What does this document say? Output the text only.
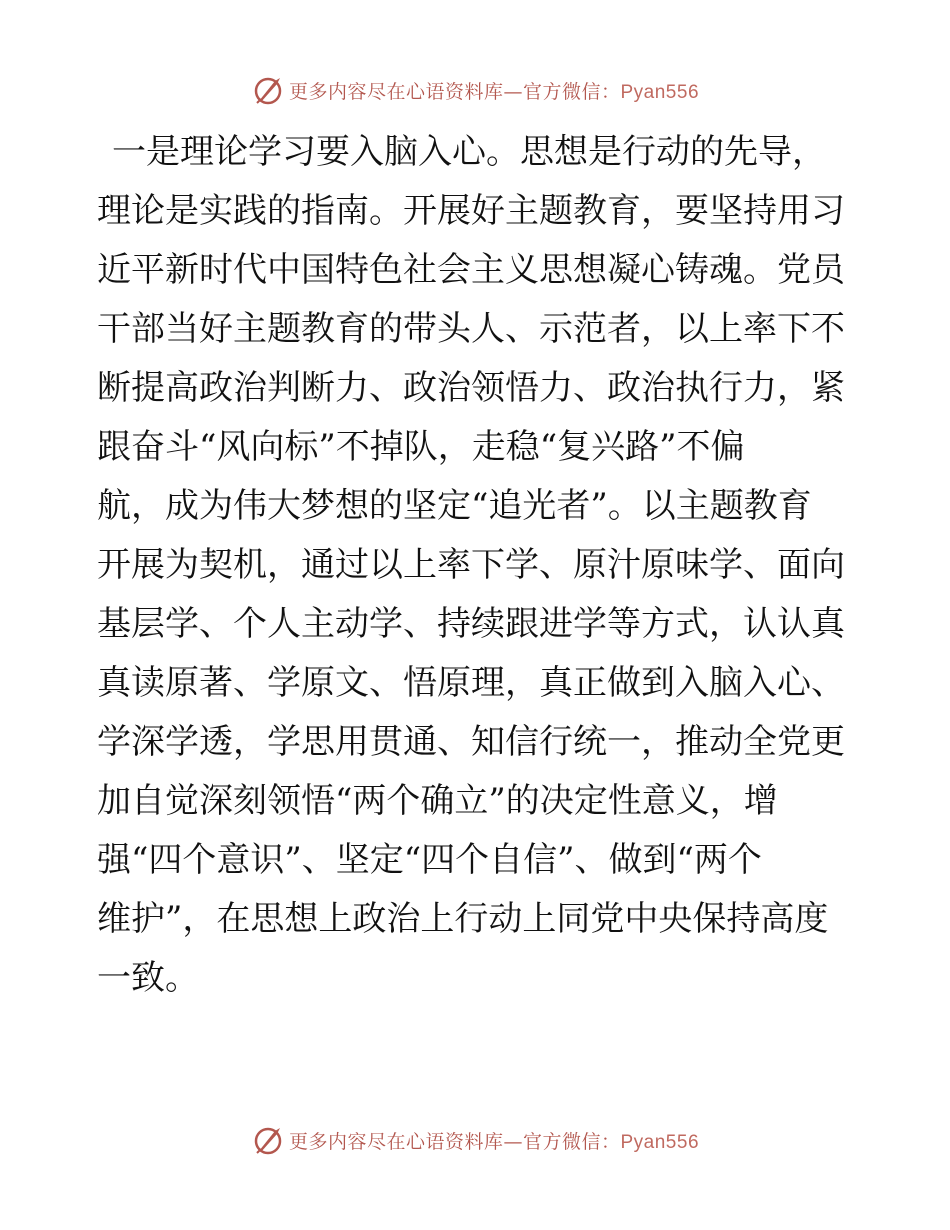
更多内容尽在心语资料库—官方微信：Pyan556
一是理论学习要入脑入心。思想是行动的先导，
理论是实践的指南。开展好主题教育，要坚持用习
近平新时代中国特色社会主义思想凝心铸魂。党员
干部当好主题教育的带头人、示范者，以上率下不
断提高政治判断力、政治领悟力、政治执行力，紧
跟奋斗“风向标”不掉队，走稳“复兴路”不偏
航，成为伟大梦想的坚定“追光者”。以主题教育
开展为契机，通过以上率下学、原汁原味学、面向
基层学、个人主动学、持续跟进学等方式，认认真
真读原著、学原文、悟原理，真正做到入脑入心、
学深学透，学思用贯通、知信行统一，推动全党更
加自觉深刻领悟“两个确立”的决定性意义，增
强“四个意识”、坚定“四个自信”、做到“两个
维护”，在思想上政治上行动上同党中央保持高度
一致。
更多内容尽在心语资料库—官方微信：Pyan556
